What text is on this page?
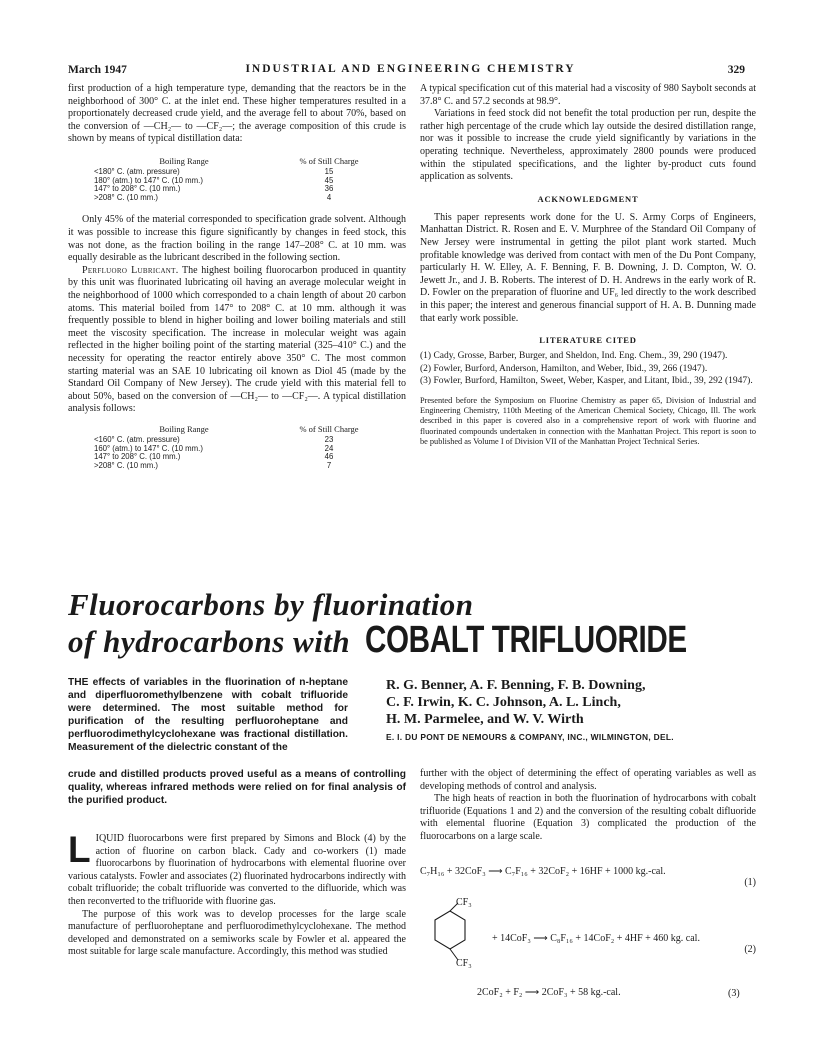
March 1947	INDUSTRIAL AND ENGINEERING CHEMISTRY	329

first production of a high temperature type, demanding that the reactors be in the neighborhood of 300° C. at the inlet end. These higher temperatures resulted in a proportionately decreased crude yield, and the average fell to about 70%, based on the conversion of —CH₂— to —CF₂—; the average composition of this crude is shown by means of typical distillation data:

Boiling Range	% of Still Charge
<180° C. (atm. pressure)	15
180° (atm.) to 147° C. (10 mm.)	45
147° to 208° C. (10 mm.)	36
>208° C. (10 mm.)	4

Only 45% of the material corresponded to specification grade solvent. Although it was possible to increase this figure significantly by changes in feed stock, this was not done, as the fraction boiling in the range 147–208° C. at 10 mm. was equally desirable as the lubricant described in the following section.

Perfluoro Lubricant. The highest boiling fluorocarbon produced in quantity by this unit was fluorinated lubricating oil having an average molecular weight in the neighborhood of 1000 which corresponded to a chain length of about 20 carbon atoms. This material boiled from 147° to 208° C. at 10 mm. although it was frequently possible to blend in higher boiling and lower boiling materials and still meet the viscosity specification. The increase in molecular weight was again reflected in the higher boiling point of the starting material (325–410° C.) and the necessity for operating the reactor entirely above 350° C. The most common starting material was an SAE 10 lubricating oil known as Diol 45 (made by the Standard Oil Company of New Jersey). The crude yield with this material fell to about 50%, based on the conversion of —CH₂— to —CF₂—. A typical distillation analysis follows:

Boiling Range	% of Still Charge
<160° C. (atm. pressure)	23
160° (atm.) to 147° C. (10 mm.)	24
147° to 208° C. (10 mm.)	46
>208° C. (10 mm.)	7

A typical specification cut of this material had a viscosity of 980 Saybolt seconds at 37.8° C. and 57.2 seconds at 98.9°.

Variations in feed stock did not benefit the total production per run, despite the rather high percentage of the crude which lay outside the desired distillation range, nor was it possible to increase the crude yield significantly by variations in the operating technique. Nevertheless, approximately 2800 pounds were produced within the stipulated specifications, and the lighter by-product cuts found application as solvents.

ACKNOWLEDGMENT

This paper represents work done for the U. S. Army Corps of Engineers, Manhattan District. R. Rosen and E. V. Murphree of the Standard Oil Company of New Jersey were instrumental in getting the pilot plant work started. Much profitable knowledge was derived from contact with men of the Du Pont Company, particularly H. W. Elley, A. F. Benning, F. B. Downing, J. D. Compton, W. O. Jewett Jr., and J. B. Roberts. The interest of D. H. Andrews in the early work of R. D. Fowler on the preparation of fluorine and UF₆ led directly to the work described in this paper; the interest and generous financial support of H. A. B. Dunning made that early work possible.

LITERATURE CITED

(1) Cady, Grosse, Barber, Burger, and Sheldon, Ind. Eng. Chem., 39, 290 (1947).

(2) Fowler, Burford, Anderson, Hamilton, and Weber, Ibid., 39, 266 (1947).

(3) Fowler, Burford, Hamilton, Sweet, Weber, Kasper, and Litant, Ibid., 39, 292 (1947).

Presented before the Symposium on Fluorine Chemistry as paper 65, Division of Industrial and Engineering Chemistry, 110th Meeting of the American Chemical Society, Chicago, Ill. The work described in this paper is covered also in a comprehensive report of work with fluorine and fluorinated compounds undertaken in connection with the Manhattan Project. This report is soon to be published as Volume I of Division VII of the Manhattan Project Technical Series.

Fluorocarbons by fluorination
of hydrocarbons with COBALT TRIFLUORIDE

THE effects of variables in the fluorination of n-heptane and diperfluoromethylbenzene with cobalt trifluoride were determined. The most suitable method for purification of the resulting perfluoroheptane and perfluorodimethylcyclohexane was fractional distillation. Measurement of the dielectric constant of the

R. G. Benner, A. F. Benning, F. B. Downing,
C. F. Irwin, K. C. Johnson, A. L. Linch,
H. M. Parmelee, and W. V. Wirth
E. I. DU PONT DE NEMOURS & COMPANY, INC., WILMINGTON, DEL.

crude and distilled products proved useful as a means of controlling quality, whereas infrared methods were relied on for final analysis of the purified product.

LIQUID fluorocarbons were first prepared by Simons and Block (4) by the action of fluorine on carbon black. Cady and co-workers (1) made fluorocarbons by fluorination of hydrocarbons with elemental fluorine over various catalysts. Fowler and associates (2) fluorinated hydrocarbons indirectly with cobalt trifluoride; the cobalt trifluoride was converted to the difluoride, which was then reconverted to the trifluoride with fluorine gas.

The purpose of this work was to develop processes for the large scale manufacture of perfluoroheptane and perfluorodimethylcyclohexane. The method developed and demonstrated on a semiworks scale by Fowler et al. appeared the most suitable for large scale manufacture. Accordingly, this method was studied

further with the object of determining the effect of operating variables as well as developing methods of control and analysis.

The high heats of reaction in both the fluorination of hydrocarbons with cobalt trifluoride (Equations 1 and 2) and the conversion of the resulting cobalt difluoride with elemental fluorine (Equation 3) complicated the production of the fluorocarbons on a large scale.

C₇H₁₆ + 32CoF₃ ⟶ C₇F₁₆ + 32CoF₂ + 16HF + 1000 kg.-cal.
(1)
CF₃
CF₃
+ 14CoF₃ ⟶ C₈F₁₆ + 14CoF₂ + 4HF + 460 kg. cal.
(2)
2CoF₂ + F₂ ⟶ 2CoF₃ + 58 kg.-cal.	(3)
